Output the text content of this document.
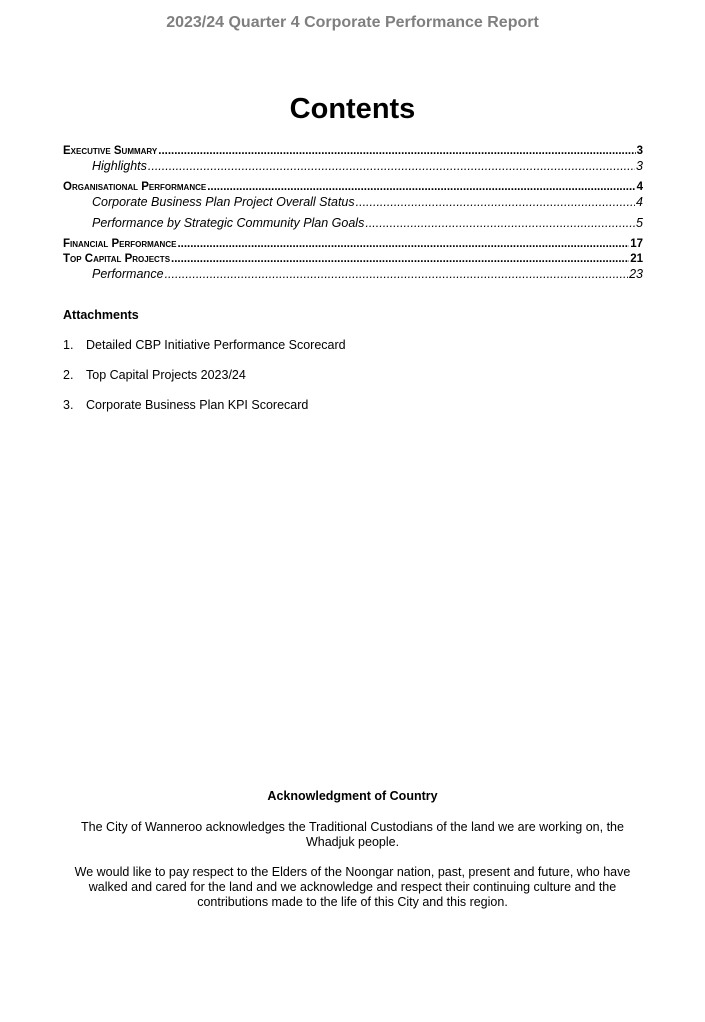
2023/24 Quarter 4 Corporate Performance Report
Contents
Executive Summary .....	3
Highlights .....	3
Organisational Performance .....	4
Corporate Business Plan Project Overall Status .....	4
Performance by Strategic Community Plan Goals .....	5
Financial Performance .....	17
Top Capital Projects .....	21
Performance .....	23
Attachments
1.	Detailed CBP Initiative Performance Scorecard
2.	Top Capital Projects 2023/24
3.	Corporate Business Plan KPI Scorecard

Acknowledgment of Country

The City of Wanneroo acknowledges the Traditional Custodians of the land we are working on, the Whadjuk people.

We would like to pay respect to the Elders of the Noongar nation, past, present and future, who have walked and cared for the land and we acknowledge and respect their continuing culture and the contributions made to the life of this City and this region.
